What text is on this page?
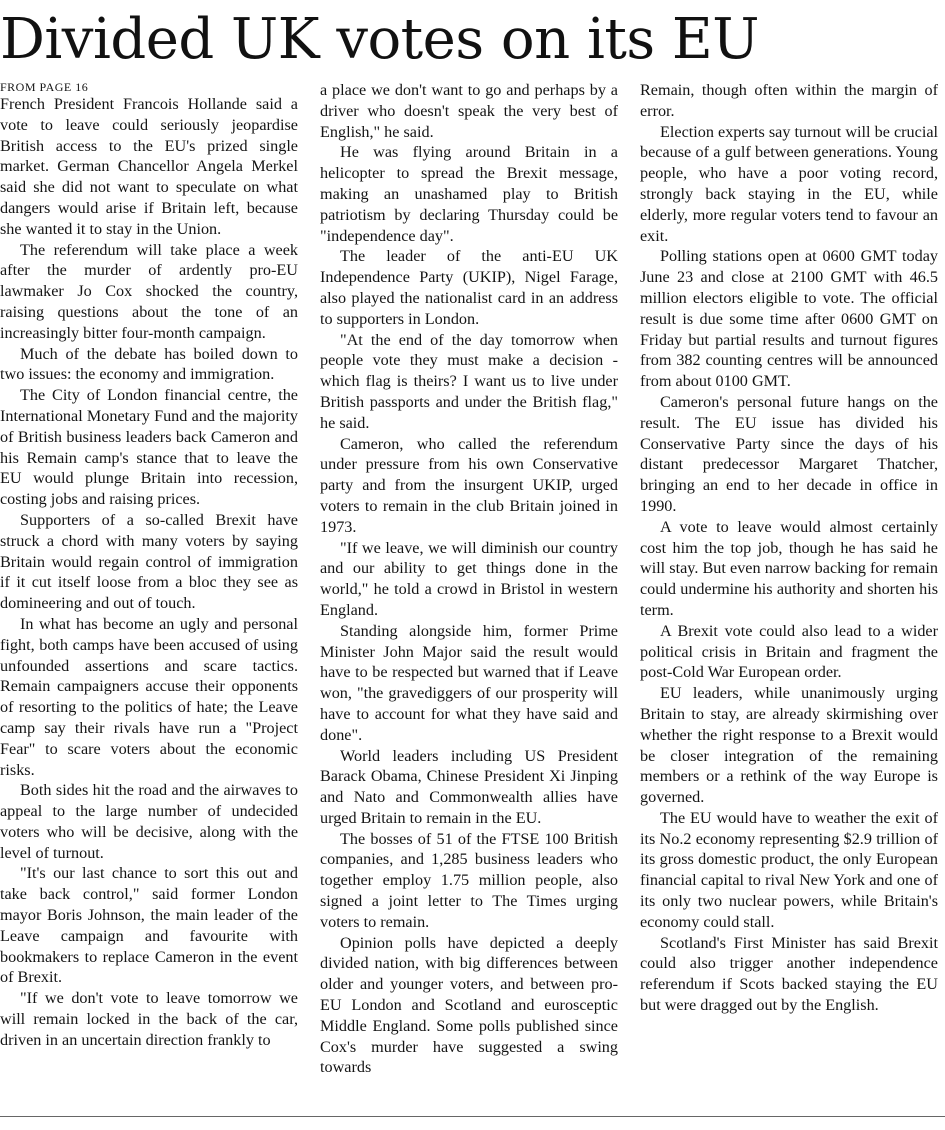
Divided UK votes on its EU
FROM PAGE 16

French President Francois Hollande said a vote to leave could seriously jeopardise British access to the EU's prized single market. German Chancellor Angela Merkel said she did not want to speculate on what dangers would arise if Britain left, because she wanted it to stay in the Union.

The referendum will take place a week after the murder of ardently pro-EU lawmaker Jo Cox shocked the country, raising questions about the tone of an increasingly bitter four-month campaign.

Much of the debate has boiled down to two issues: the economy and immigration.

The City of London financial centre, the International Monetary Fund and the majority of British business leaders back Cameron and his Remain camp's stance that to leave the EU would plunge Britain into recession, costing jobs and raising prices.

Supporters of a so-called Brexit have struck a chord with many voters by saying Britain would regain control of immigration if it cut itself loose from a bloc they see as domineering and out of touch.

In what has become an ugly and personal fight, both camps have been accused of using unfounded assertions and scare tactics. Remain campaigners accuse their opponents of resorting to the politics of hate; the Leave camp say their rivals have run a "Project Fear" to scare voters about the economic risks.

Both sides hit the road and the airwaves to appeal to the large number of undecided voters who will be decisive, along with the level of turnout.

"It's our last chance to sort this out and take back control," said former London mayor Boris Johnson, the main leader of the Leave campaign and favourite with bookmakers to replace Cameron in the event of Brexit.

"If we don't vote to leave tomorrow we will remain locked in the back of the car, driven in an uncertain direction frankly to

a place we don't want to go and perhaps by a driver who doesn't speak the very best of English," he said.

He was flying around Britain in a helicopter to spread the Brexit message, making an unashamed play to British patriotism by declaring Thursday could be "independence day".

The leader of the anti-EU UK Independence Party (UKIP), Nigel Farage, also played the nationalist card in an address to supporters in London.

"At the end of the day tomorrow when people vote they must make a decision - which flag is theirs? I want us to live under British passports and under the British flag," he said.

Cameron, who called the referendum under pressure from his own Conservative party and from the insurgent UKIP, urged voters to remain in the club Britain joined in 1973.

"If we leave, we will diminish our country and our ability to get things done in the world," he told a crowd in Bristol in western England.

Standing alongside him, former Prime Minister John Major said the result would have to be respected but warned that if Leave won, "the gravediggers of our prosperity will have to account for what they have said and done".

World leaders including US President Barack Obama, Chinese President Xi Jinping and Nato and Commonwealth allies have urged Britain to remain in the EU.

The bosses of 51 of the FTSE 100 British companies, and 1,285 business leaders who together employ 1.75 million people, also signed a joint letter to The Times urging voters to remain.

Opinion polls have depicted a deeply divided nation, with big differences between older and younger voters, and between pro-EU London and Scotland and eurosceptic Middle England. Some polls published since Cox's murder have suggested a swing towards

Remain, though often within the margin of error.

Election experts say turnout will be crucial because of a gulf between generations. Young people, who have a poor voting record, strongly back staying in the EU, while elderly, more regular voters tend to favour an exit.

Polling stations open at 0600 GMT today June 23 and close at 2100 GMT with 46.5 million electors eligible to vote. The official result is due some time after 0600 GMT on Friday but partial results and turnout figures from 382 counting centres will be announced from about 0100 GMT.

Cameron's personal future hangs on the result. The EU issue has divided his Conservative Party since the days of his distant predecessor Margaret Thatcher, bringing an end to her decade in office in 1990.

A vote to leave would almost certainly cost him the top job, though he has said he will stay. But even narrow backing for remain could undermine his authority and shorten his term.

A Brexit vote could also lead to a wider political crisis in Britain and fragment the post-Cold War European order.

EU leaders, while unanimously urging Britain to stay, are already skirmishing over whether the right response to a Brexit would be closer integration of the remaining members or a rethink of the way Europe is governed.

The EU would have to weather the exit of its No.2 economy representing $2.9 trillion of its gross domestic product, the only European financial capital to rival New York and one of its only two nuclear powers, while Britain's economy could stall.

Scotland's First Minister has said Brexit could also trigger another independence referendum if Scots backed staying the EU but were dragged out by the English.
